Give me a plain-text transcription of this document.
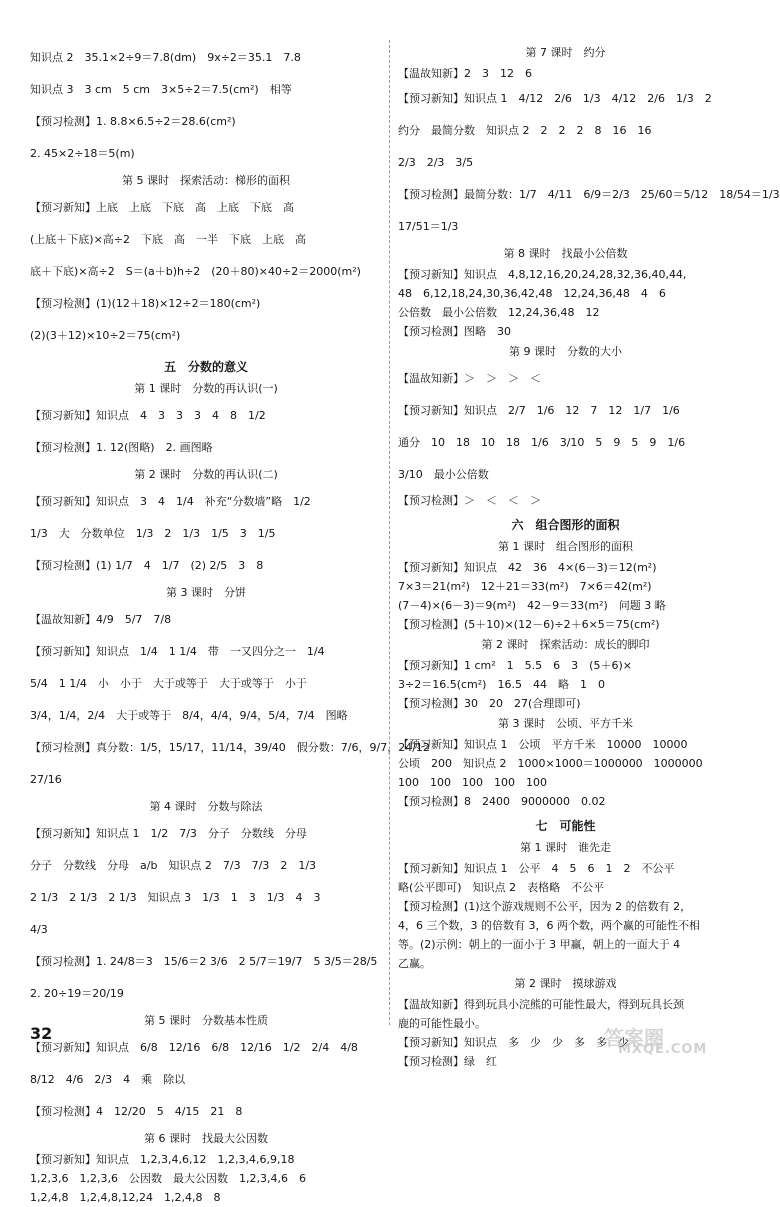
知识点 2　35.1×2÷9＝7.8(dm)　9x÷2＝35.1　7.8
知识点 3　3 cm　5 cm　3×5÷2＝7.5(cm²)　相等
【预习检测】1. 8.8×6.5÷2＝28.6(cm²)
2. 45×2÷18＝5(m)
第 5 课时　探索活动：梯形的面积
【预习新知】上底　上底　下底　高　上底　下底　高
(上底＋下底)×高÷2　下底　高　一半　下底　上底　高
底＋下底)×高÷2　S＝(a＋b)h÷2　(20＋80)×40÷2＝2000(m²)
【预习检测】(1)(12＋18)×12÷2＝180(cm²)
(2)(3＋12)×10÷2＝75(cm²)
五　分数的意义
第 1 课时　分数的再认识(一)
【预习新知】知识点　4　3　3　3　4　8　1/2
【预习检测】1. 12(图略)　2. 画图略
第 2 课时　分数的再认识(二)
【预习新知】知识点　3　4　1/4　补充“分数墙”略　1/2
1/3　大　分数单位　1/3　2　1/3　1/5　3　1/5
【预习检测】(1) 1/7　4　1/7　(2) 2/5　3　8
第 3 课时　分饼
【温故知新】4/9　5/7　7/8
【预习新知】知识点　1/4　1 1/4　带　一又四分之一　1/4
5/4　1 1/4　小　小于　大于或等于　大于或等于　小于
3/4，1/4，2/4　大于或等于　8/4，4/4，9/4，5/4，7/4　图略
【预习检测】真分数：1/5，15/17，11/14，39/40　假分数：7/6，9/7，24/12
27/16
第 4 课时　分数与除法
【预习新知】知识点 1　1/2　7/3　分子　分数线　分母
分子　分数线　分母　a/b　知识点 2　7/3　7/3　2　1/3
2 1/3　2 1/3　2 1/3　知识点 3　1/3　1　3　1/3　4　3
4/3
【预习检测】1. 24/8＝3　15/6＝2 3/6　2 5/7＝19/7　5 3/5＝28/5
2. 20÷19＝20/19
第 5 课时　分数基本性质
【预习新知】知识点　6/8　12/16　6/8　12/16　1/2　2/4　4/8
8/12　4/6　2/3　4　乘　除以
【预习检测】4　12/20　5　4/15　21　8
第 6 课时　找最大公因数
【预习新知】知识点　1,2,3,4,6,12　1,2,3,4,6,9,18
1,2,3,6　1,2,3,6　公因数　最大公因数　1,2,3,4,6　6
1,2,4,8　1,2,4,8,12,24　1,2,4,8　8
第 7 课时　约分
【温故知新】2　3　12　6
【预习新知】知识点 1　4/12　2/6　1/3　4/12　2/6　1/3　2
约分　最简分数　知识点 2　2　2　2　8　16　16
2/3　2/3　3/5
【预习检测】最简分数：1/7　4/11　6/9＝2/3　25/60＝5/12　18/54＝1/3
17/51＝1/3
第 8 课时　找最小公倍数
【预习新知】知识点　4,8,12,16,20,24,28,32,36,40,44,
48　6,12,18,24,30,36,42,48　12,24,36,48　4　6
公倍数　最小公倍数　12,24,36,48　12
【预习检测】图略　30
第 9 课时　分数的大小
【温故知新】＞　＞　＞　＜
【预习新知】知识点　2/7　1/6　12　7　12　1/7　1/6
通分　10　18　10　18　1/6　3/10　5　9　5　9　1/6
3/10　最小公倍数
【预习检测】＞　＜　＜　＞
六　组合图形的面积
第 1 课时　组合图形的面积
【预习新知】知识点　42　36　4×(6－3)＝12(m²)
7×3＝21(m²)　12＋21＝33(m²)　7×6＝42(m²)
(7－4)×(6－3)＝9(m²)　42－9＝33(m²)　问题 3 略
【预习检测】(5＋10)×(12－6)÷2＋6×5＝75(cm²)
第 2 课时　探索活动：成长的脚印
【预习新知】1 cm²　1　5.5　6　3　(5＋6)×
3÷2＝16.5(cm²)　16.5　44　略　1　0
【预习检测】30　20　27(合理即可)
第 3 课时　公顷、平方千米
【预习新知】知识点 1　公顷　平方千米　10000　10000
公顷　200　知识点 2　1000×1000＝1000000　1000000
100　100　100　100　100
【预习检测】8　2400　9000000　0.02
七　可能性
第 1 课时　谁先走
【预习新知】知识点 1　公平　4　5　6　1　2　不公平
略(公平即可)　知识点 2　表格略　不公平
【预习检测】(1)这个游戏规则不公平，因为 2 的倍数有 2，
4，6 三个数，3 的倍数有 3，6 两个数，两个赢的可能性不相
等。(2)示例：朝上的一面小于 3 甲赢，朝上的一面大于 4
乙赢。
第 2 课时　摸球游戏
【温故知新】得到玩具小浣熊的可能性最大，得到玩具长颈
鹿的可能性最小。
【预习新知】知识点　多　少　少　多　多　少
【预习检测】绿　红
32	答案圈
MXQE.COM
